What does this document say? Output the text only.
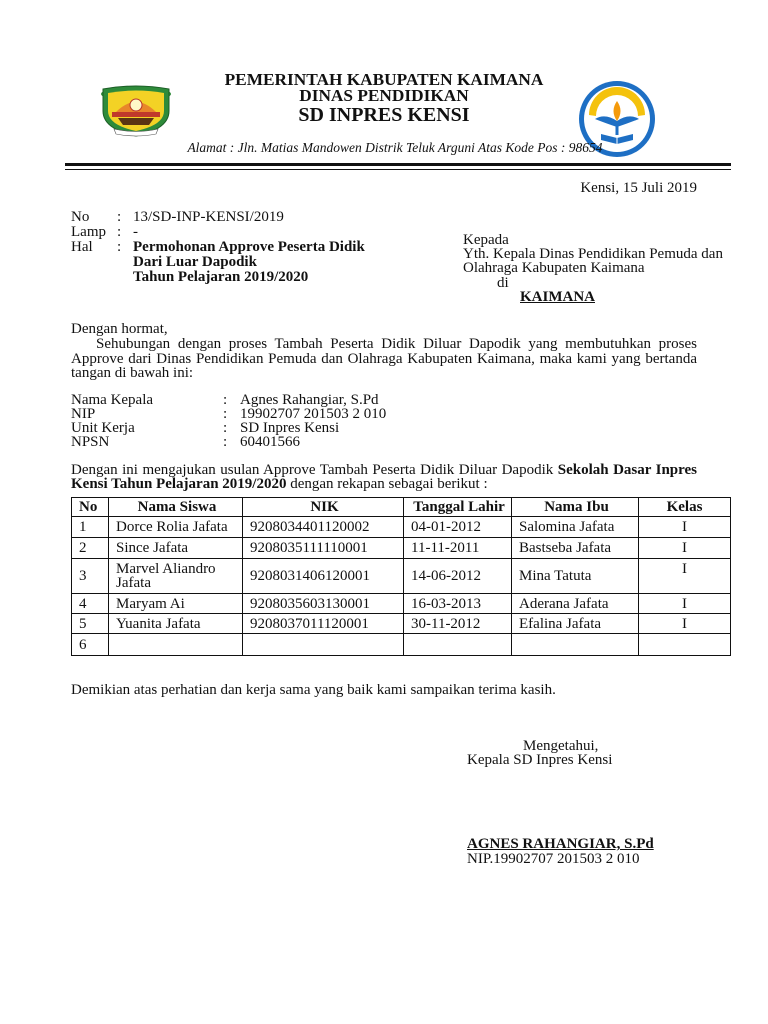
PEMERINTAH KABUPATEN KAIMANA
DINAS PENDIDIKAN
SD INPRES KENSI
Alamat : Jln. Matias Mandowen Distrik Teluk Arguni Atas Kode Pos : 98654
Kensi, 15 Juli 2019
No : 13/SD-INP-KENSI/2019
Lamp : -
Hal : Permohonan Approve Peserta Didik
Dari Luar Dapodik
Tahun Pelajaran 2019/2020
Kepada
Yth. Kepala Dinas Pendidikan Pemuda dan
Olahraga Kabupaten Kaimana
di
KAIMANA
Dengan hormat,
Sehubungan dengan proses Tambah Peserta Didik Diluar Dapodik yang membutuhkan proses
Approve dari Dinas Pendidikan Pemuda dan Olahraga Kabupaten Kaimana, maka kami yang bertanda
tangan di bawah ini:
Nama Kepala	: Agnes Rahangiar, S.Pd
NIP	: 19902707 201503 2 010
Unit Kerja	: SD Inpres Kensi
NPSN	: 60401566
Dengan ini mengajukan usulan Approve Tambah Peserta Didik Diluar Dapodik Sekolah Dasar Inpres
Kensi Tahun Pelajaran 2019/2020 dengan rekapan sebagai berikut :
No	Nama Siswa	NIK	Tanggal Lahir	Nama Ibu	Kelas
1	Dorce Rolia Jafata	9208034401120002	04-01-2012	Salomina Jafata	I
2	Since Jafata	9208035111110001	11-11-2011	Bastseba Jafata	I
3	Marvel Aliandro Jafata	9208031406120001	14-06-2012	Mina Tatuta	I
4	Maryam Ai	9208035603130001	16-03-2013	Aderana Jafata	I
5	Yuanita Jafata	9208037011120001	30-11-2012	Efalina Jafata	I
6					
Demikian atas perhatian dan kerja sama yang baik kami sampaikan terima kasih.
Mengetahui,
Kepala SD Inpres Kensi
AGNES RAHANGIAR, S.Pd
NIP.19902707 201503 2 010
